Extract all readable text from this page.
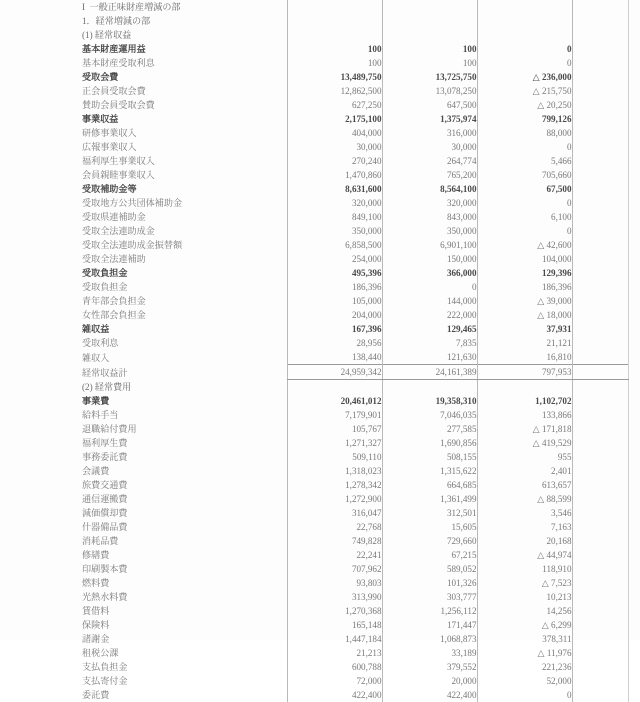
I  一般正味財産増減の部				
1．経常増減の部				
(1) 経常収益				
基本財産運用益	100	100	0	
基本財産受取利息	100	100	0	
受取会費	13,489,750	13,725,750	△ 236,000	
正会員受取会費	12,862,500	13,078,250	△ 215,750	
賛助会員受取会費	627,250	647,500	△ 20,250	
事業収益	2,175,100	1,375,974	799,126	
研修事業収入	404,000	316,000	88,000	
広報事業収入	30,000	30,000	0	
福利厚生事業収入	270,240	264,774	5,466	
会員親睦事業収入	1,470,860	765,200	705,660	
受取補助金等	8,631,600	8,564,100	67,500	
受取地方公共団体補助金	320,000	320,000	0	
受取県連補助金	849,100	843,000	6,100	
受取全法連助成金	350,000	350,000	0	
受取全法連助成金振替額	6,858,500	6,901,100	△ 42,600	
受取全法連補助	254,000	150,000	104,000	
受取負担金	495,396	366,000	129,396	
受取負担金	186,396	0	186,396	
青年部会負担金	105,000	144,000	△ 39,000	
女性部会負担金	204,000	222,000	△ 18,000	
雑収益	167,396	129,465	37,931	
受取利息	28,956	7,835	21,121	
雑収入	138,440	121,630	16,810	
経常収益計	24,959,342	24,161,389	797,953	
(2) 経常費用				
事業費	20,461,012	19,358,310	1,102,702	
給料手当	7,179,901	7,046,035	133,866	
退職給付費用	105,767	277,585	△ 171,818	
福利厚生費	1,271,327	1,690,856	△ 419,529	
事務委託費	509,110	508,155	955	
会議費	1,318,023	1,315,622	2,401	
旅費交通費	1,278,342	664,685	613,657	
通信運搬費	1,272,900	1,361,499	△ 88,599	
減価償却費	316,047	312,501	3,546	
什器備品費	22,768	15,605	7,163	
消耗品費	749,828	729,660	20,168	
修繕費	22,241	67,215	△ 44,974	
印刷製本費	707,962	589,052	118,910	
燃料費	93,803	101,326	△ 7,523	
光熱水料費	313,990	303,777	10,213	
賃借料	1,270,368	1,256,112	14,256	
保険料	165,148	171,447	△ 6,299	
諸謝金	1,447,184	1,068,873	378,311	
租税公課	21,213	33,189	△ 11,976	
支払負担金	600,788	379,552	221,236	
支払寄付金	72,000	20,000	52,000	
委託費	422,400	422,400	0	
